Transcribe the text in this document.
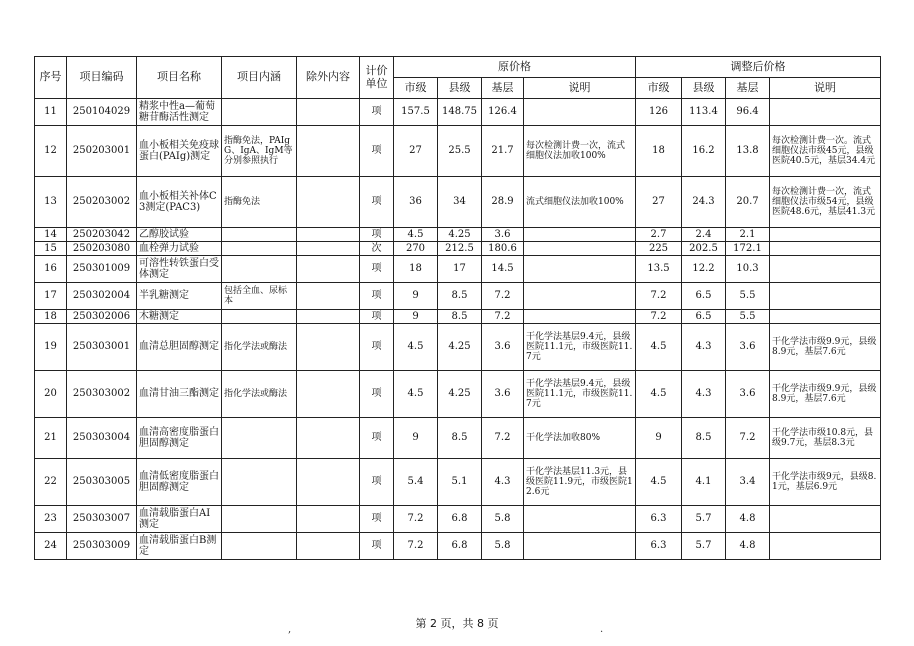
序号	项目编码	项目名称	项目内涵	除外内容	计价单位	原价格				调整后价格			
						市级	县级	基层	说明	市级	县级	基层	说明
11	250104029	精浆中性a—葡萄糖苷酶活性测定			项	157.5	148.75	126.4		126	113.4	96.4	
12	250203001	血小板相关免疫球蛋白(PAIg)测定	指酶免法，PAIgG、IgA、IgM等分别参照执行		项	27	25.5	21.7	每次检测计费一次，流式细胞仪法加收100%	18	16.2	13.8	每次检测计费一次。流式细胞仪法市级45元，县级医院40.5元，基层34.4元
13	250203002	血小板相关补体C3测定(PAC3)	指酶免法		项	36	34	28.9	流式细胞仪法加收100%	27	24.3	20.7	每次检测计费一次，流式细胞仪法市级54元，县级医院48.6元，基层41.3元
14	250203042	乙醇胶试验			项	4.5	4.25	3.6		2.7	2.4	2.1	
15	250203080	血栓弹力试验			次	270	212.5	180.6		225	202.5	172.1	
16	250301009	可溶性转铁蛋白受体测定			项	18	17	14.5		13.5	12.2	10.3	
17	250302004	半乳糖测定	包括全血、尿标本		项	9	8.5	7.2		7.2	6.5	5.5	
18	250302006	木糖测定			项	9	8.5	7.2		7.2	6.5	5.5	
19	250303001	血清总胆固醇测定	指化学法或酶法		项	4.5	4.25	3.6	干化学法基层9.4元，县级医院11.1元，市级医院11.7元	4.5	4.3	3.6	干化学法市级9.9元，县级8.9元，基层7.6元
20	250303002	血清甘油三酯测定	指化学法或酶法		项	4.5	4.25	3.6	干化学法基层9.4元，县级医院11.1元，市级医院11.7元	4.5	4.3	3.6	干化学法市级9.9元，县级8.9元，基层7.6元
21	250303004	血清高密度脂蛋白胆固醇测定			项	9	8.5	7.2	干化学法加收80%	9	8.5	7.2	干化学法市级10.8元，县级9.7元，基层8.3元
22	250303005	血清低密度脂蛋白胆固醇测定			项	5.4	5.1	4.3	干化学法基层11.3元，县级医院11.9元，市级医院12.6元	4.5	4.1	3.4	干化学法市级9元，县级8.1元，基层6.9元
23	250303007	血清载脂蛋白AⅠ测定			项	7.2	6.8	5.8		6.3	5.7	4.8	
24	250303009	血清载脂蛋白B测定			项	7.2	6.8	5.8		6.3	5.7	4.8	
第 2 页，共 8 页
,	.
